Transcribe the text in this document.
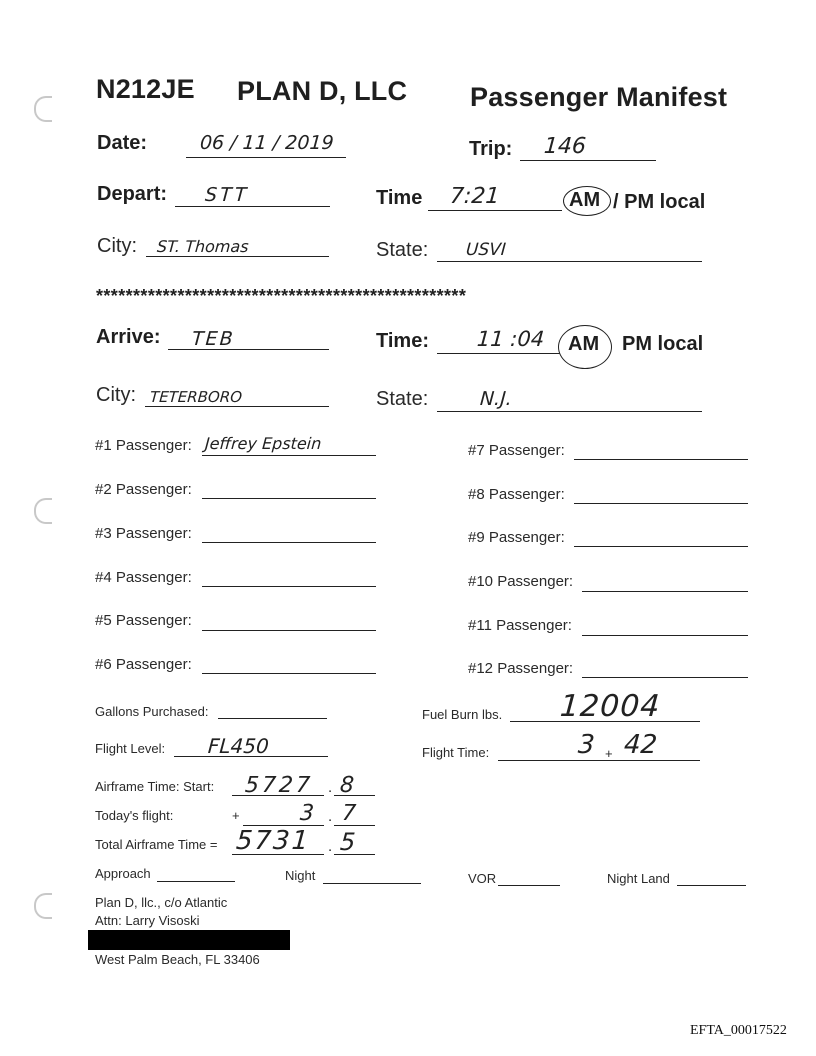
N212JE PLAN D, LLC Passenger Manifest
Date:	06 / 11 / 2019	Trip: 146
Depart: STT	Time 7:21	AM / PM local
City: ST. Thomas	State: USVI
**************************************************
Arrive: TEB	Time: 11 :04 AM PM local
City: TETERBORO	State:	N.J.
#1 Passenger: Jeffrey Epstein
#2 Passenger:
#3 Passenger:
#4 Passenger:
#5 Passenger:
#6 Passenger:
#7 Passenger:
#8 Passenger:
#9 Passenger:
#10 Passenger:
#11 Passenger:
#12 Passenger:
Gallons Purchased:	Fuel Burn lbs. 12004
Flight Level: FL450	Flight Time:	3 + 42
Airframe Time: Start: 5727 . 8
Today's flight:	+	3 . 7
Total Airframe Time = 5731 . 5
Approach	Night	VOR	Night Land
Plan D, llc., c/o Atlantic
Attn: Larry Visoski
West Palm Beach, FL 33406
EFTA_00017522
